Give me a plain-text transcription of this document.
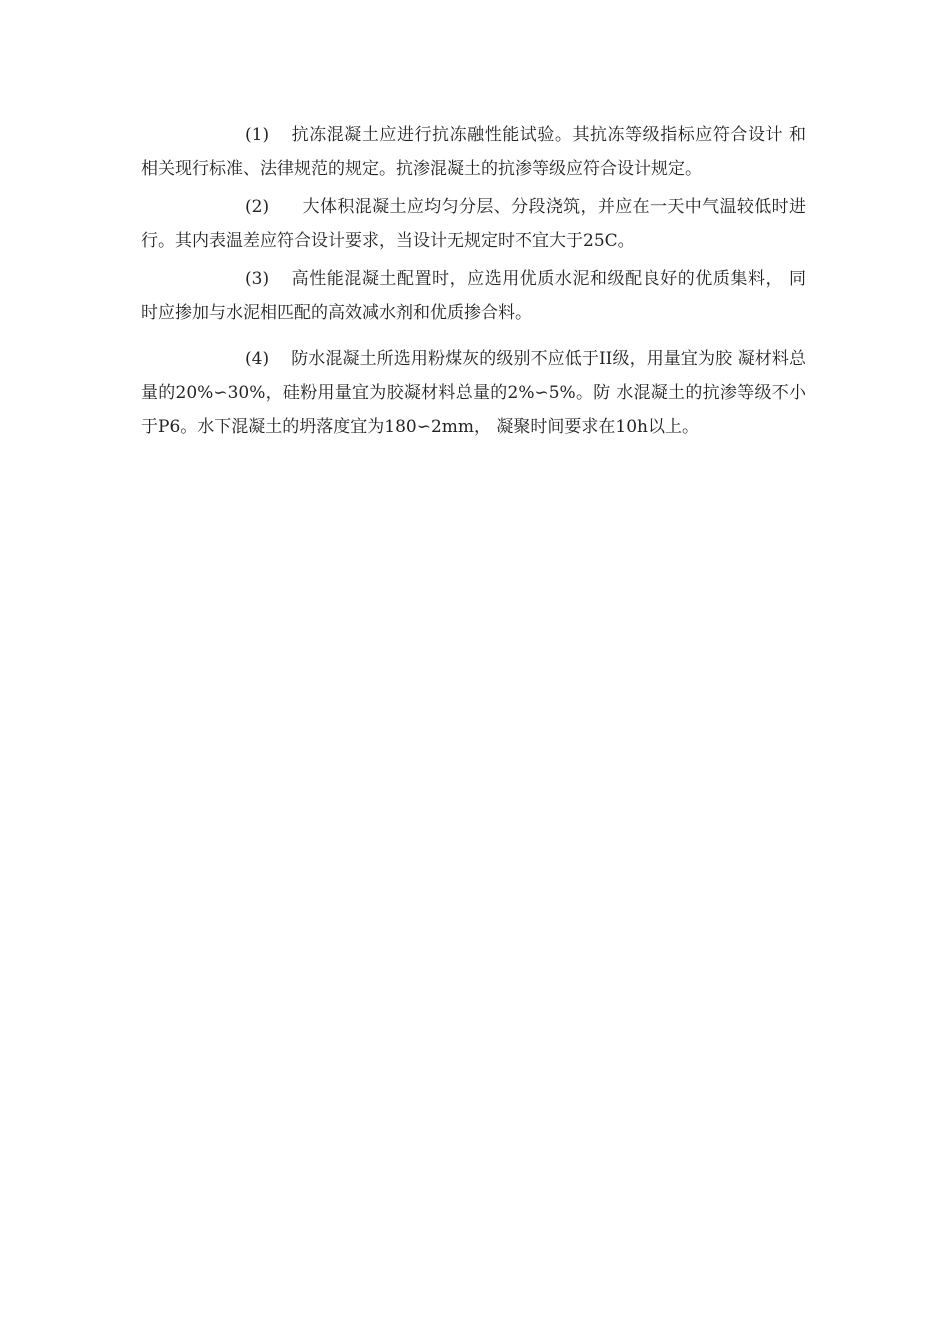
(1) 抗冻混凝土应进行抗冻融性能试验。其抗冻等级指标应符合设计 和相关现行标准、法律规范的规定。抗渗混凝土的抗渗等级应符合设计规定。

(2)  大体积混凝土应均匀分层、分段浇筑，并应在一天中气温较低时进行。其内表温差应符合设计要求，当设计无规定时不宜大于25C。

(3) 高性能混凝土配置时，应选用优质水泥和级配良好的优质集料， 同时应掺加与水泥相匹配的高效减水剂和优质掺合料。

(4) 防水混凝土所选用粉煤灰的级别不应低于II级，用量宜为胶 凝材料总量的20%∽30%，硅粉用量宜为胶凝材料总量的2%∽5%。防 水混凝土的抗渗等级不小于P6。水下混凝土的坍落度宜为180∽2mm， 凝聚时间要求在10h以上。
